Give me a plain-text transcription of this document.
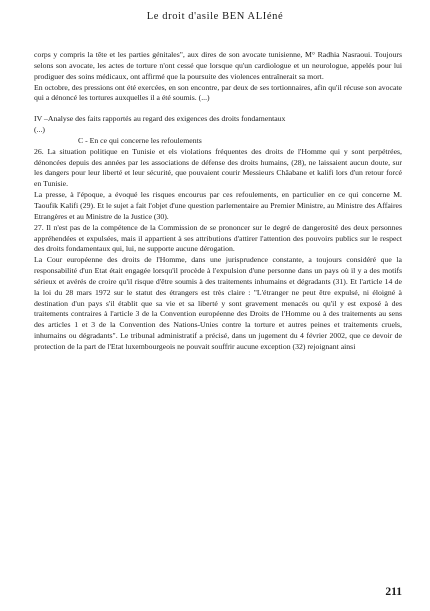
Le droit d'asile BEN ALIéné

corps y compris la tête et les parties génitales", aux dires de son avocate tunisienne, M° Radhia Nasraoui. Toujours selons son avocate, les actes de torture n'ont cessé que lorsque qu'un cardiologue et un neurologue, appelés pour lui prodiguer des soins médicaux, ont affirmé que la poursuite des violences entraînerait sa mort.

En octobre, des pressions ont été exercées, en son encontre, par deux de ses tortionnaires, afin qu'il récuse son avocate qui a dénoncé les tortures auxquelles il a été soumis. (...)

IV –Analyse des faits rapportés au regard des exigences des droits fondamentaux

(...)

C - En ce qui concerne les refoulements

26. La situation politique en Tunisie et els violations fréquentes des droits de l'Homme qui y sont perpétrées, dénoncées depuis des années par les associations de défense des droits humains, (28), ne laissaient aucun doute, sur les dangers pour leur liberté et leur sécurité, que pouvaient courir Messieurs Châabane et kalifi lors d'un retour forcé en Tunisie.

La presse, à l'époque, a évoqué les risques encourus par ces refoulements, en particulier en ce qui concerne M. Taoufik Kalifi (29). Et le sujet a fait l'objet d'une question parlementaire au Premier Ministre, au Ministre des Affaires Etrangères et au Ministre de la Justice (30).

27. Il n'est pas de la compétence de la Commission de se prononcer sur le degré de dangerosité des deux personnes appréhendées et expulsées, mais il appartient à ses attributions d'attirer l'attention des pouvoirs publics sur le respect des droits fondamentaux qui, lui, ne supporte aucune dérogation.

La Cour européenne des droits de l'Homme, dans une jurisprudence constante, a toujours considéré que la responsabilité d'un Etat était engagée lorsqu'il procède à l'expulsion d'une personne dans un pays où il y a des motifs sérieux et avérés de croire qu'il risque d'être soumis à des traitements inhumains et dégradants (31). Et l'article 14 de la loi du 28 mars 1972 sur le statut des étrangers est très claire : "L'étranger ne peut être expulsé, ni éloigné à destination d'un pays s'il établit que sa vie et sa liberté y sont gravement menacés ou qu'il y est exposé à des traitements contraires à l'article 3 de la Convention européenne des Droits de l'Homme ou à des traitements au sens des articles 1 et 3 de la Convention des Nations-Unies contre la torture et autres peines et traitements cruels, inhumains ou dégradants". Le tribunal administratif a précisé, dans un jugement du 4 février 2002, que ce devoir de protection de la part de l'Etat luxembourgeois ne pouvait souffrir aucune exception (32) rejoignant ainsi

211
